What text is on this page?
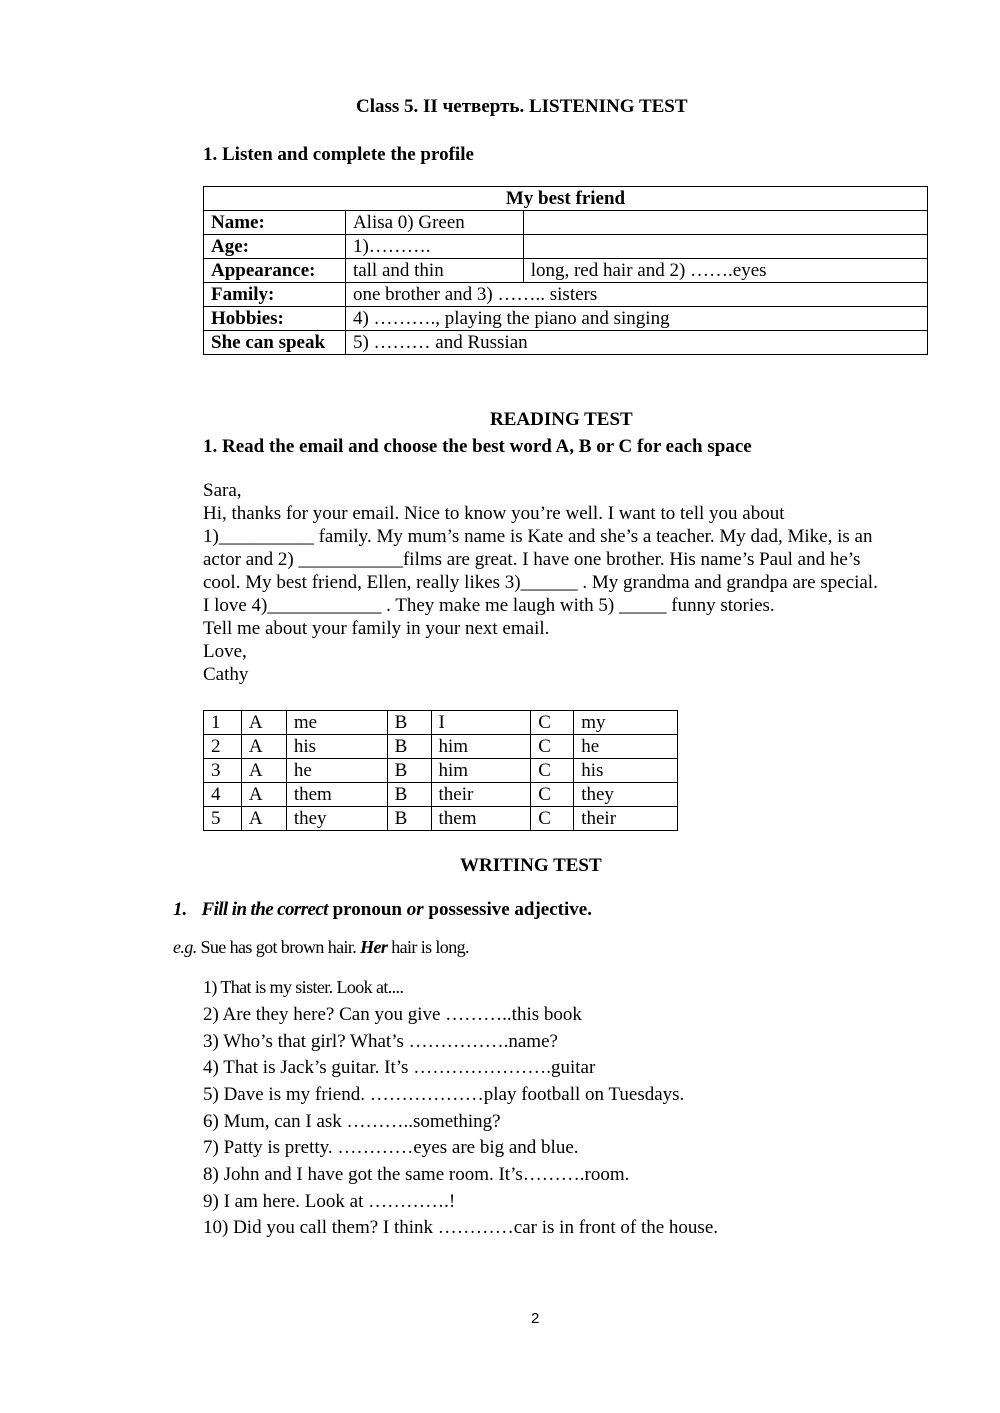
Class 5. II четверть. LISTENING TEST
1. Listen and complete the profile
My best friend		
Name:	Alisa 0) Green	
Age:	1)……….	
Appearance:	tall and thin	long, red hair and 2) …….eyes
Family:	one brother and 3) …….. sisters	
Hobbies:	4) ………., playing the piano and singing	
She can speak	5) ……… and Russian	
READING TEST
1. Read the email and choose the best word A, B or C for each space
Sara,
Hi, thanks for your email. Nice to know you’re well. I want to tell you about
1)__________ family. My mum’s name is Kate and she’s a teacher. My dad, Mike, is an
actor and 2) ___________films are great. I have one brother. His name’s Paul and he’s
cool. My best friend, Ellen, really likes 3)______ . My grandma and grandpa are special.
I love 4)____________ . They make me laugh with 5) _____ funny stories.
Tell me about your family in your next email.
Love,
Cathy
1	A	me	B	I	C	my
2	A	his	B	him	C	he
3	A	he	B	him	C	his
4	A	them	B	their	C	they
5	A	they	B	them	C	their
WRITING TEST
1. Fill in the correct pronoun or possessive adjective.
e.g. Sue has got brown hair. Her hair is long.
1) That is my sister. Look at....
2) Are they here? Can you give ………..this book
3) Who’s that girl? What’s …………….name?
4) That is Jack’s guitar. It’s ………………….guitar
5) Dave is my friend. ………………play football on Tuesdays.
6) Mum, can I ask ………..something?
7) Patty is pretty. …………eyes are big and blue.
8) John and I have got the same room. It’s……….room.
9) I am here. Look at ………….!
10) Did you call them? I think …………car is in front of the house.
2
